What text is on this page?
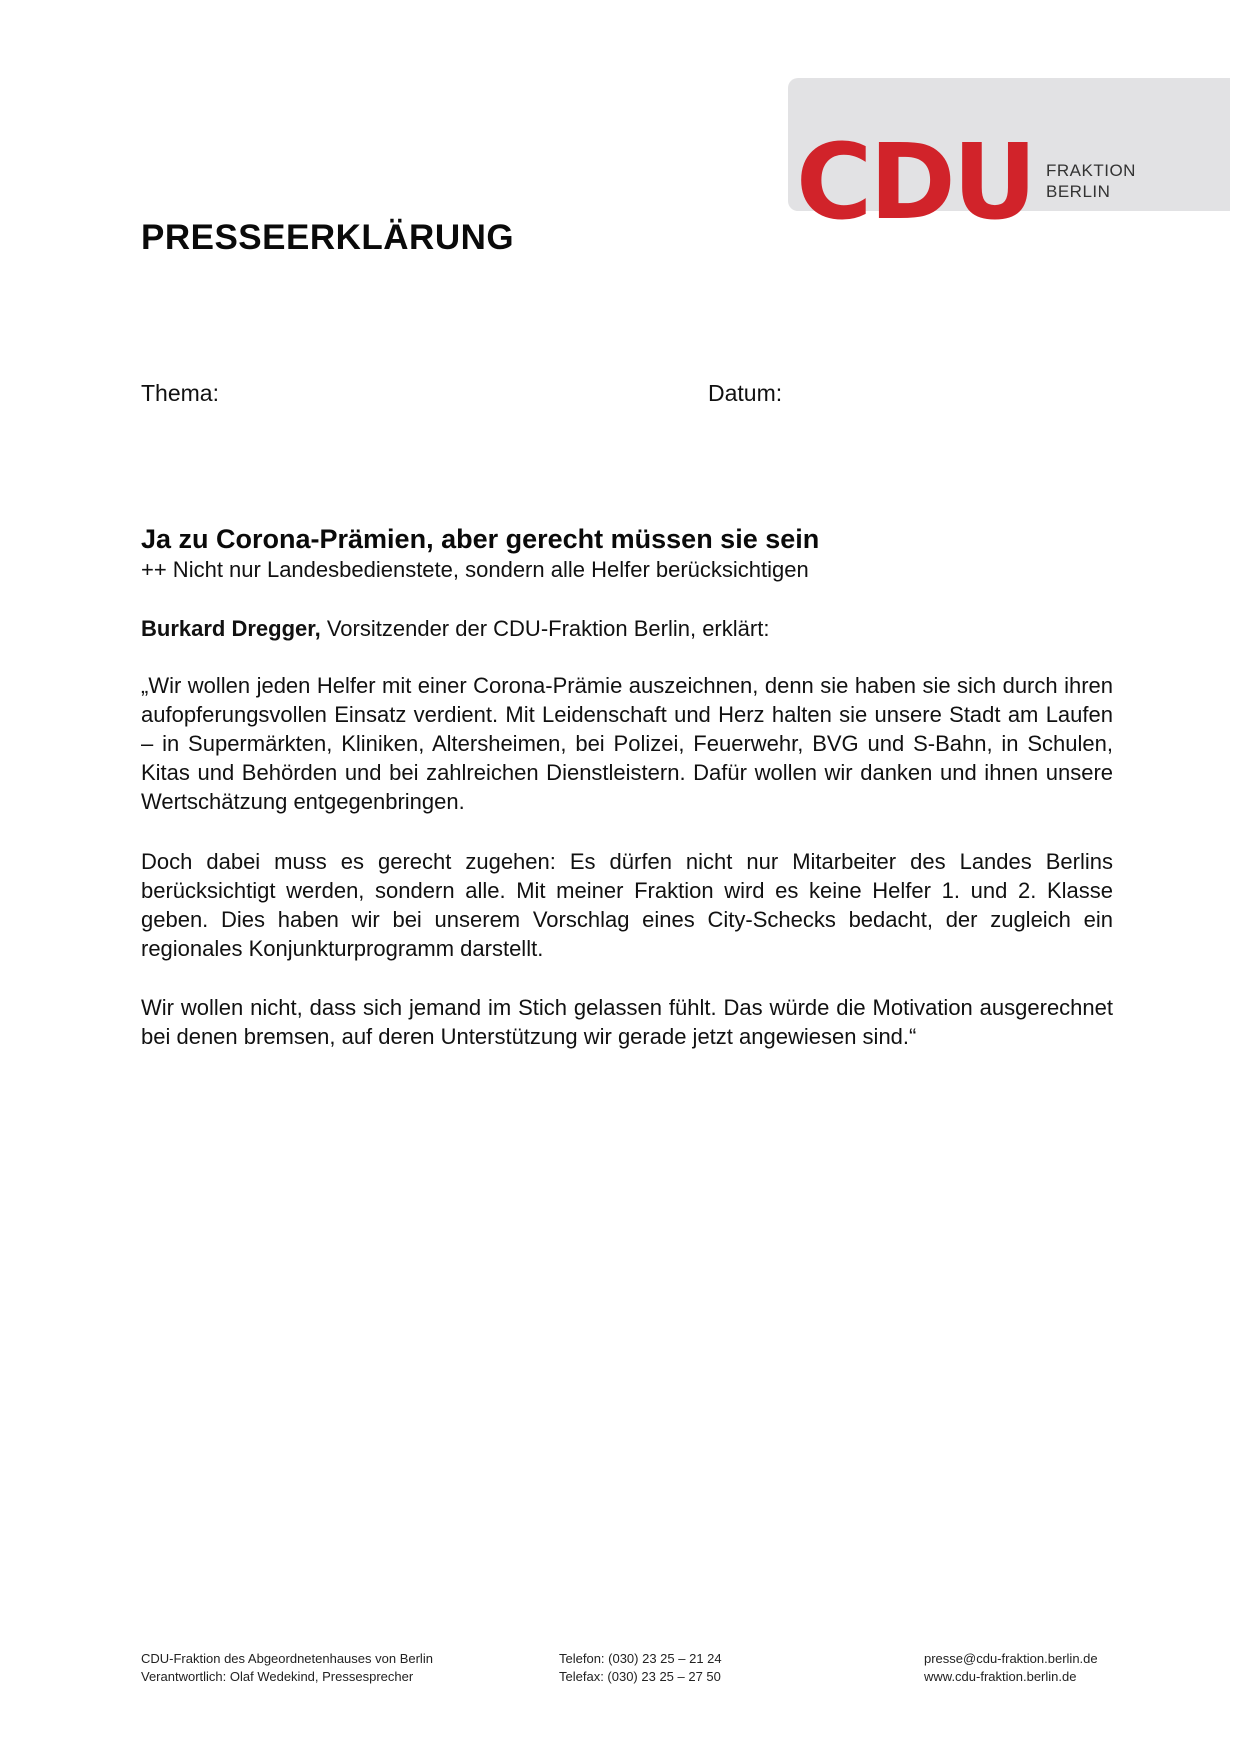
CDU FRAKTION
BERLIN
PRESSEERKLÄRUNG
Thema:	Datum:
Ja zu Corona-Prämien, aber gerecht müssen sie sein
++ Nicht nur Landesbedienstete, sondern alle Helfer berücksichtigen
Burkard Dregger, Vorsitzender der CDU-Fraktion Berlin, erklärt:

„Wir wollen jeden Helfer mit einer Corona-Prämie auszeichnen, denn sie haben sie sich durch ihren aufopferungsvollen Einsatz verdient. Mit Leidenschaft und Herz halten sie unsere Stadt am Laufen – in Supermärkten, Kliniken, Altersheimen, bei Polizei, Feuerwehr, BVG und S-Bahn, in Schulen, Kitas und Behörden und bei zahlreichen Dienstleistern. Dafür wollen wir danken und ihnen unsere Wertschätzung entgegenbringen.

Doch dabei muss es gerecht zugehen: Es dürfen nicht nur Mitarbeiter des Landes Berlins berücksichtigt werden, sondern alle. Mit meiner Fraktion wird es keine Helfer 1. und 2. Klasse geben. Dies haben wir bei unserem Vorschlag eines City-Schecks bedacht, der zugleich ein regionales Konjunkturprogramm darstellt.

Wir wollen nicht, dass sich jemand im Stich gelassen fühlt. Das würde die Motivation ausgerechnet bei denen bremsen, auf deren Unterstützung wir gerade jetzt angewiesen sind.“

CDU-Fraktion des Abgeordnetenhauses von Berlin
Verantwortlich: Olaf Wedekind, Pressesprecher
Telefon: (030) 23 25 – 21 24
Telefax: (030) 23 25 – 27 50
presse@cdu-fraktion.berlin.de
www.cdu-fraktion.berlin.de
